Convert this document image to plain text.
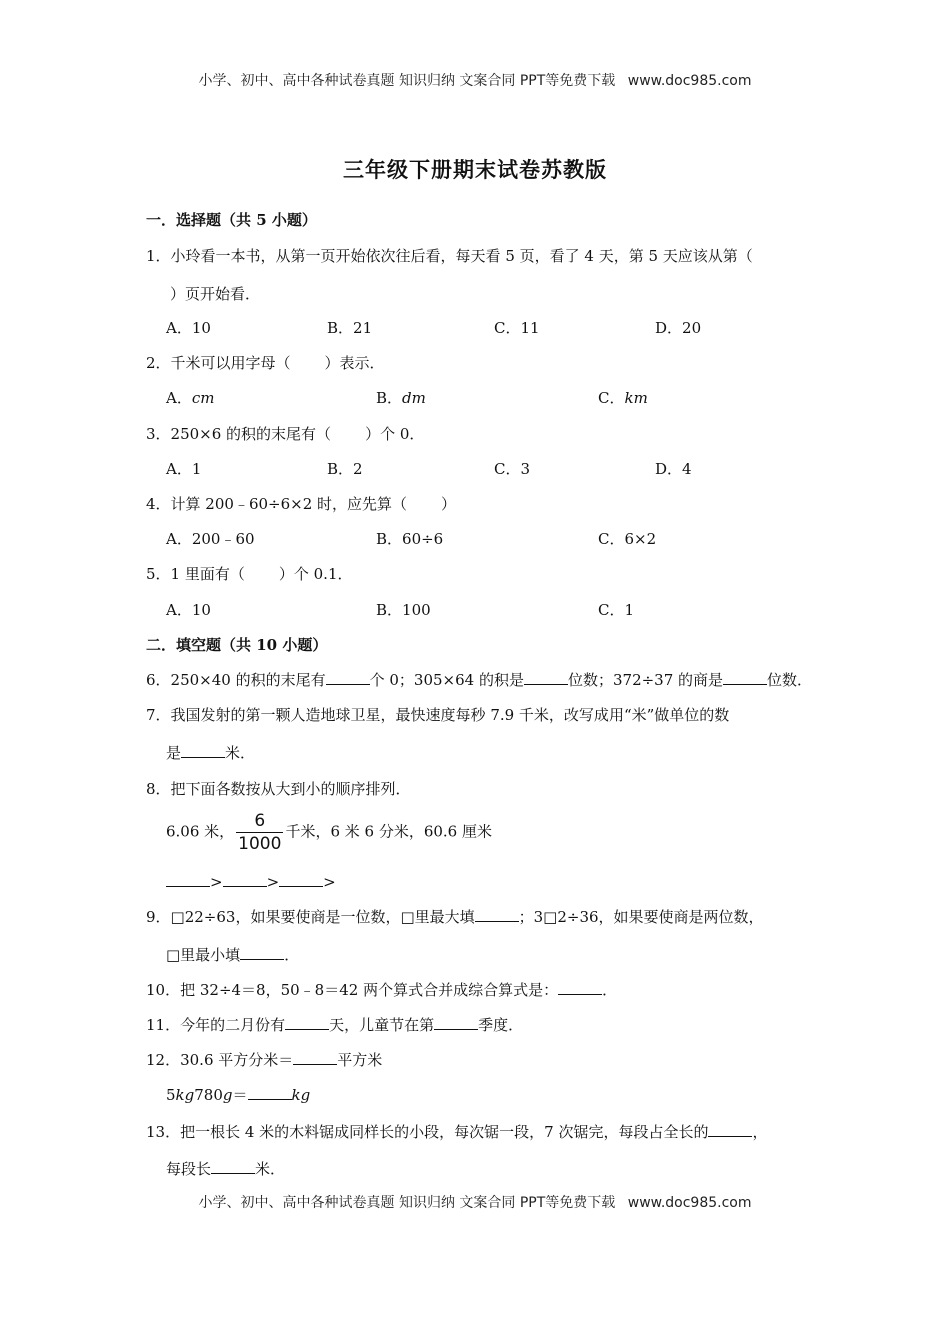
小学、初中、高中各种试卷真题 知识归纳 文案合同 PPT等免费下载 www.doc985.com
三年级下册期末试卷苏教版
一．选择题（共 5 小题）
1．小玲看一本书，从第一页开始依次往后看，每天看 5 页，看了 4 天，第 5 天应该从第（
）页开始看．
A．10	B．21	C．11	D．20
2．千米可以用字母（ ）表示．
A．cm	B．dm	C．km
3．250×6 的积的末尾有（ ）个 0．
A．1	B．2	C．3	D．4
4．计算 200﹣60÷6×2 时，应先算（ ）
A．200﹣60	B．60÷6	C．6×2
5．1 里面有（ ）个 0.1．
A．10	B．100	C．1
二．填空题（共 10 小题）
6．250×40 的积的末尾有	个 0；305×64 的积是	位数；372÷37 的商是	位数．
7．我国发射的第一颗人造地球卫星，最快速度每秒 7.9 千米，改写成用“米”做单位的数
是	米．
8．把下面各数按从大到小的顺序排列．
6.06 米， $\frac{6}{1000}$ 千米，6 米 6 分米，60.6 厘米
>	>	>
9．□22÷63，如果要使商是一位数，□里最大填	；3□2÷36，如果要使商是两位数，
□里最小填	．
10．把 32÷4＝8，50﹣8＝42 两个算式合并成综合算式是：	．
11．今年的二月份有	天，儿童节在第	季度．
12．30.6 平方分米＝	平方米
5kg780g＝	kg
13．把一根长 4 米的木料锯成同样长的小段，每次锯一段，7 次锯完，每段占全长的	，
每段长	米．
小学、初中、高中各种试卷真题 知识归纳 文案合同 PPT等免费下载 www.doc985.com
